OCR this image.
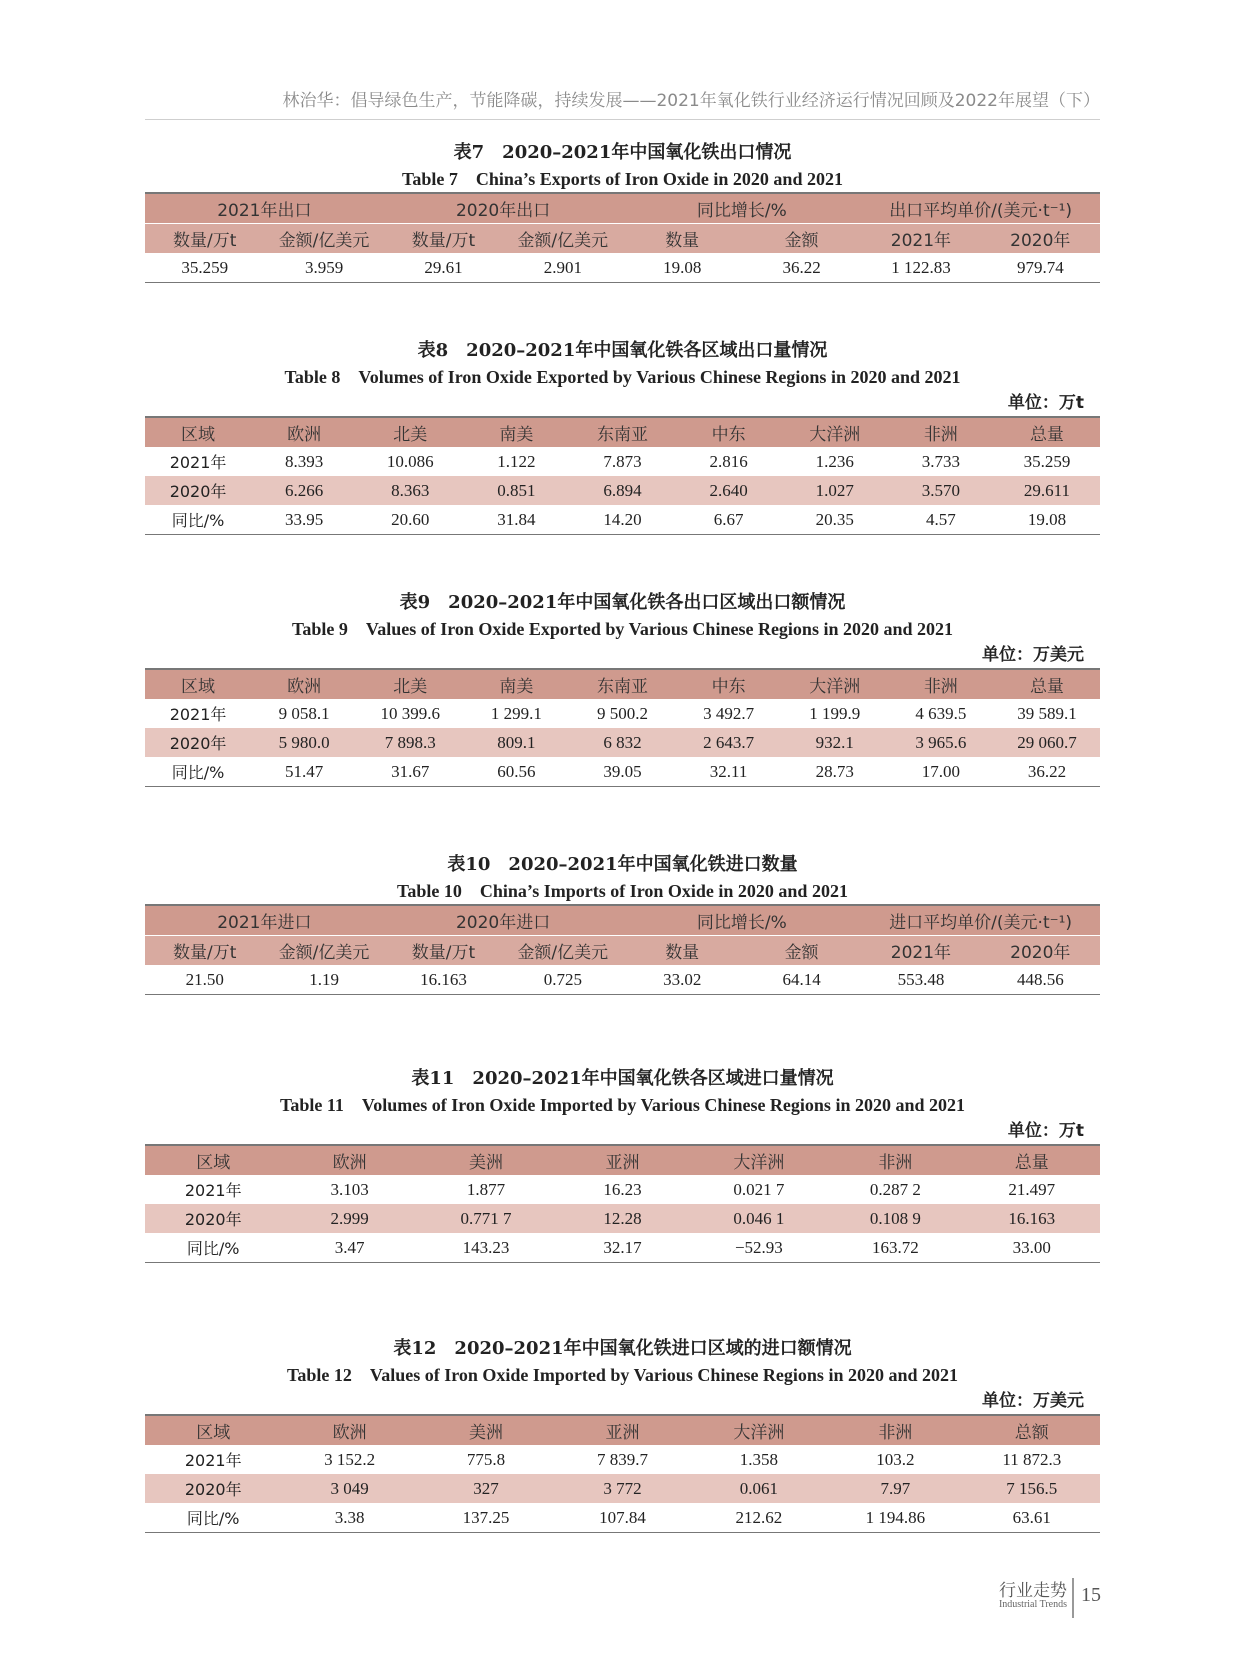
林治华：倡导绿色生产，节能降碳，持续发展——2021年氧化铁行业经济运行情况回顾及2022年展望（下）

表7　2020–2021年中国氧化铁出口情况

Table 7　China’s Exports of Iron Oxide in 2020 and 2021

2021年出口		2020年出口		同比增长/%		出口平均单价/(美元·t⁻¹)	
数量/万t	金额/亿美元	数量/万t	金额/亿美元	数量	金额	2021年	2020年
35.259	3.959	29.61	2.901	19.08	36.22	1 122.83	979.74

表8　2020–2021年中国氧化铁各区域出口量情况

Table 8　Volumes of Iron Oxide Exported by Various Chinese Regions in 2020 and 2021

单位：万t
区域	欧洲	北美	南美	东南亚	中东	大洋洲	非洲	总量
2021年	8.393	10.086	1.122	7.873	2.816	1.236	3.733	35.259
2020年	6.266	8.363	0.851	6.894	2.640	1.027	3.570	29.611
同比/%	33.95	20.60	31.84	14.20	6.67	20.35	4.57	19.08

表9　2020–2021年中国氧化铁各出口区域出口额情况

Table 9　Values of Iron Oxide Exported by Various Chinese Regions in 2020 and 2021

单位：万美元
区域	欧洲	北美	南美	东南亚	中东	大洋洲	非洲	总量
2021年	9 058.1	10 399.6	1 299.1	9 500.2	3 492.7	1 199.9	4 639.5	39 589.1
2020年	5 980.0	7 898.3	809.1	6 832	2 643.7	932.1	3 965.6	29 060.7
同比/%	51.47	31.67	60.56	39.05	32.11	28.73	17.00	36.22

表10　2020–2021年中国氧化铁进口数量

Table 10　China’s Imports of Iron Oxide in 2020 and 2021

2021年进口		2020年进口		同比增长/%		进口平均单价/(美元·t⁻¹)	
数量/万t	金额/亿美元	数量/万t	金额/亿美元	数量	金额	2021年	2020年
21.50	1.19	16.163	0.725	33.02	64.14	553.48	448.56

表11　2020–2021年中国氧化铁各区域进口量情况

Table 11　Volumes of Iron Oxide Imported by Various Chinese Regions in 2020 and 2021

单位：万t
区域	欧洲	美洲	亚洲	大洋洲	非洲	总量
2021年	3.103	1.877	16.23	0.021 7	0.287 2	21.497
2020年	2.999	0.771 7	12.28	0.046 1	0.108 9	16.163
同比/%	3.47	143.23	32.17	−52.93	163.72	33.00

表12　2020–2021年中国氧化铁进口区域的进口额情况

Table 12　Values of Iron Oxide Imported by Various Chinese Regions in 2020 and 2021

单位：万美元
区域	欧洲	美洲	亚洲	大洋洲	非洲	总额
2021年	3 152.2	775.8	7 839.7	1.358	103.2	11 872.3
2020年	3 049	327	3 772	0.061	7.97	7 156.5
同比/%	3.38	137.25	107.84	212.62	1 194.86	63.61
行业走势
Industrial Trends 15
